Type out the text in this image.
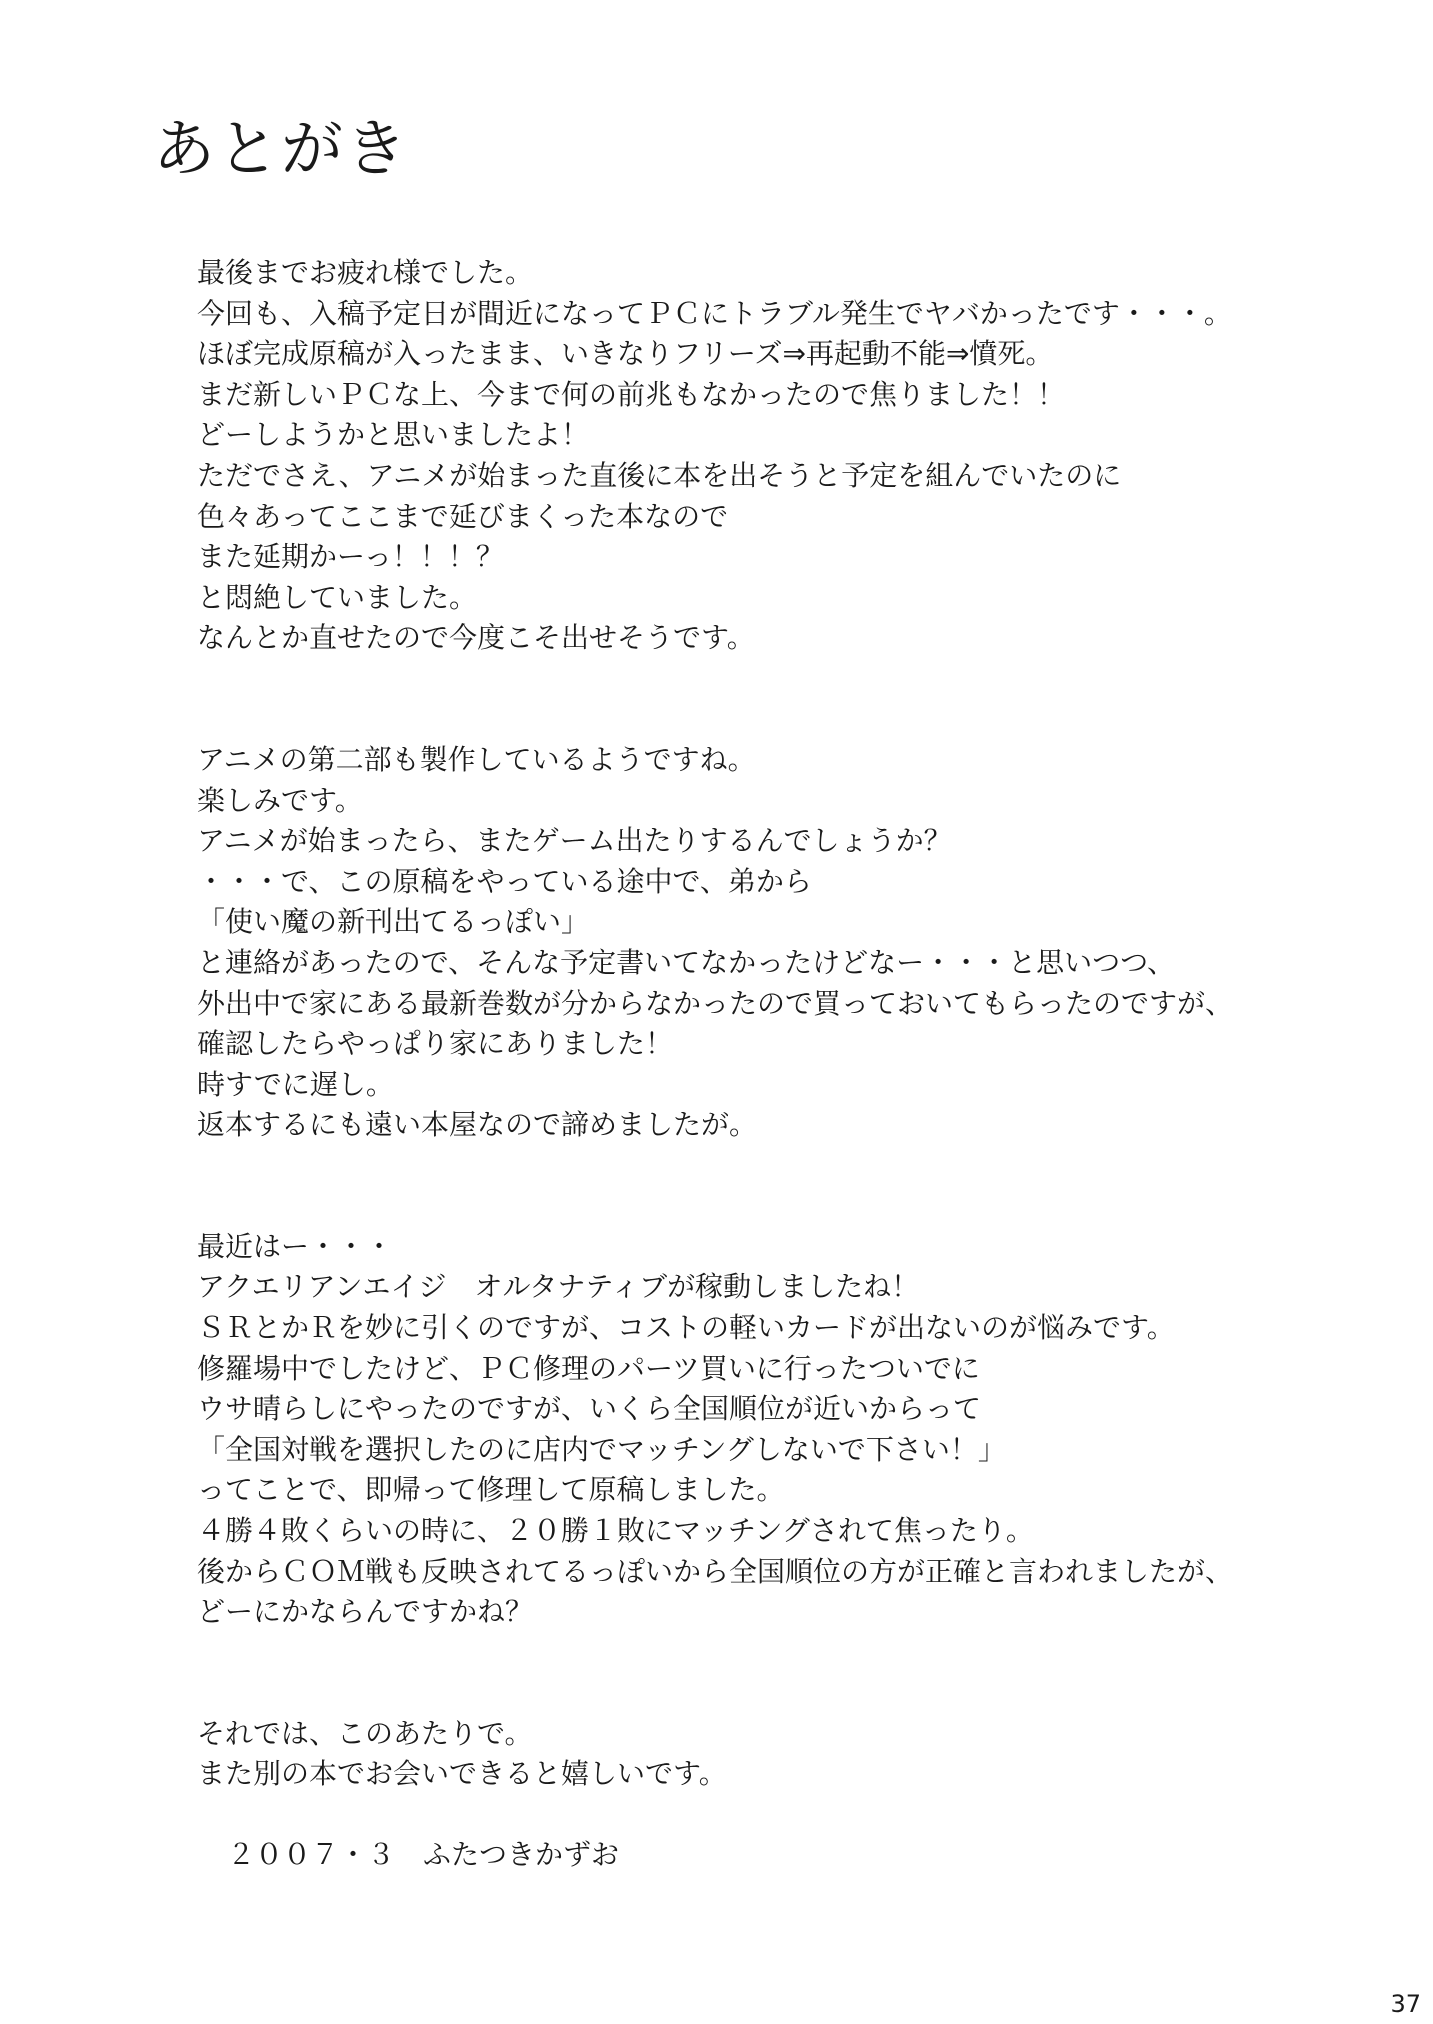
あとがき
最後までお疲れ様でした。
今回も、入稿予定日が間近になってＰＣにトラブル発生でヤバかったです・・・。
ほぼ完成原稿が入ったまま、いきなりフリーズ⇒再起動不能⇒憤死。
まだ新しいＰＣな上、今まで何の前兆もなかったので焦りました！！
どーしようかと思いましたよ！
ただでさえ、アニメが始まった直後に本を出そうと予定を組んでいたのに
色々あってここまで延びまくった本なので
また延期かーっ！！！？
と悶絶していました。
なんとか直せたので今度こそ出せそうです。
アニメの第二部も製作しているようですね。
楽しみです。
アニメが始まったら、またゲーム出たりするんでしょうか？
・・・で、この原稿をやっている途中で、弟から
「使い魔の新刊出てるっぽい」
と連絡があったので、そんな予定書いてなかったけどなー・・・と思いつつ、
外出中で家にある最新巻数が分からなかったので買っておいてもらったのですが、
確認したらやっぱり家にありました！
時すでに遅し。
返本するにも遠い本屋なので諦めましたが。
最近はー・・・
アクエリアンエイジ　オルタナティブが稼動しましたね！
ＳＲとかＲを妙に引くのですが、コストの軽いカードが出ないのが悩みです。
修羅場中でしたけど、ＰＣ修理のパーツ買いに行ったついでに
ウサ晴らしにやったのですが、いくら全国順位が近いからって
「全国対戦を選択したのに店内でマッチングしないで下さい！」
ってことで、即帰って修理して原稿しました。
４勝４敗くらいの時に、２０勝１敗にマッチングされて焦ったり。
後からＣＯＭ戦も反映されてるっぽいから全国順位の方が正確と言われましたが、
どーにかならんですかね？
それでは、このあたりで。
また別の本でお会いできると嬉しいです。
２００７・３　ふたつきかずお
37
